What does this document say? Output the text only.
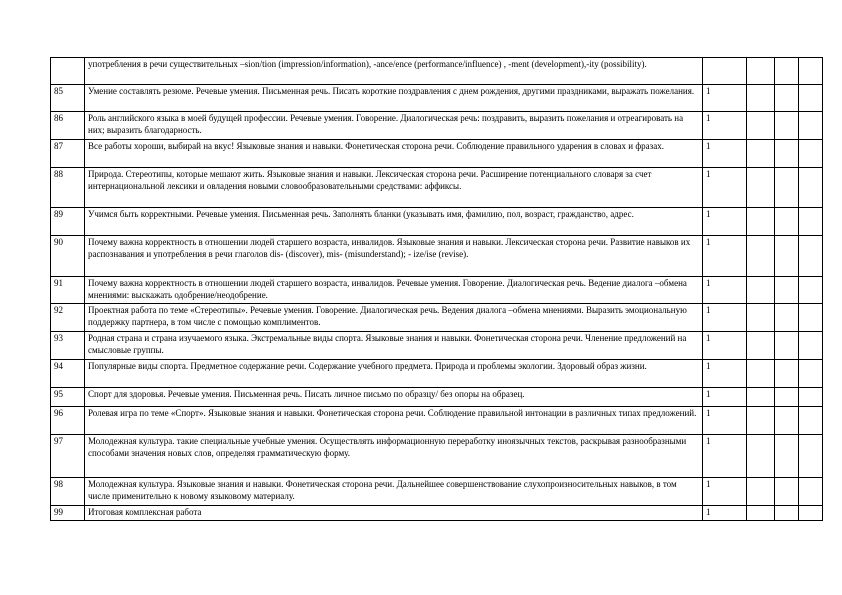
	употребления в речи существительных –sion/tion (impression/information), -ance/ence (performance/influence) , -ment (development),-ity (possibility).				
85	Умение составлять резюме. Речевые умения. Письменная речь. Писать короткие поздравления с днем рождения, другими праздниками, выражать пожелания.	1			
86	Роль английского языка в моей будущей профессии. Речевые умения. Говорение. Диалогическая речь: поздравить, выразить пожелания и отреагировать на них; выразить благодарность.	1			
87	Все работы хороши, выбирай на вкус! Языковые знания и навыки. Фонетическая сторона речи. Соблюдение правильного ударения в словах и фразах.	1			
88	Природа. Стереотипы, которые мешают жить. Языковые знания и навыки. Лексическая сторона речи. Расширение потенциального словаря за счет интернациональной лексики и овладения новыми словообразовательными средствами: аффиксы.	1			
89	Учимся быть корректными. Речевые умения. Письменная речь. Заполнять бланки (указывать имя, фамилию, пол, возраст, гражданство, адрес.	1			
90	Почему важна корректность в отношении людей старшего возраста, инвалидов. Языковые знания и навыки. Лексическая сторона речи. Развитие навыков их распознавания и употребления в речи глаголов dis- (discover), mis- (misunderstand); - ize/ise (revise).	1			
91	Почему важна корректность в отношении людей старшего возраста, инвалидов. Речевые умения. Говорение. Диалогическая речь. Ведение диалога –обмена мнениями: выскажать одобрение/неодобрение.	1			
92	Проектная работа по теме «Стереотипы». Речевые умения. Говорение. Диалогическая речь. Ведения диалога –обмена мнениями. Выразить эмоциональную поддержку партнера, в том числе с помощью комплиментов.	1			
93	Родная страна и страна изучаемого языка. Экстремальные виды спорта. Языковые знания и навыки. Фонетическая сторона речи. Членение предложений на смысловые группы.	1			
94	Популярные виды спорта. Предметное содержание речи. Содержание учебного предмета. Природа и проблемы экологии. Здоровый образ жизни.	1			
95	Спорт для здоровья. Речевые умения. Письменная речь. Писать личное письмо по образцу/ без опоры на образец.	1			
96	Ролевая игра по теме «Спорт». Языковые знания и навыки. Фонетическая сторона речи. Соблюдение правильной интонации в различных типах предложений.	1			
97	Молодежная культура. такие специальные учебные умения. Осуществлять информационную переработку иноязычных текстов, раскрывая разнообразными способами значения новых слов, определяя грамматическую форму.	1			
98	Молодежная культура. Языковые знания и навыки. Фонетическая сторона речи. Дальнейшее совершенствование слухопроизносительных навыков, в том числе применительно к новому языковому материалу.	1			
99	Итоговая комплексная работа	1			
